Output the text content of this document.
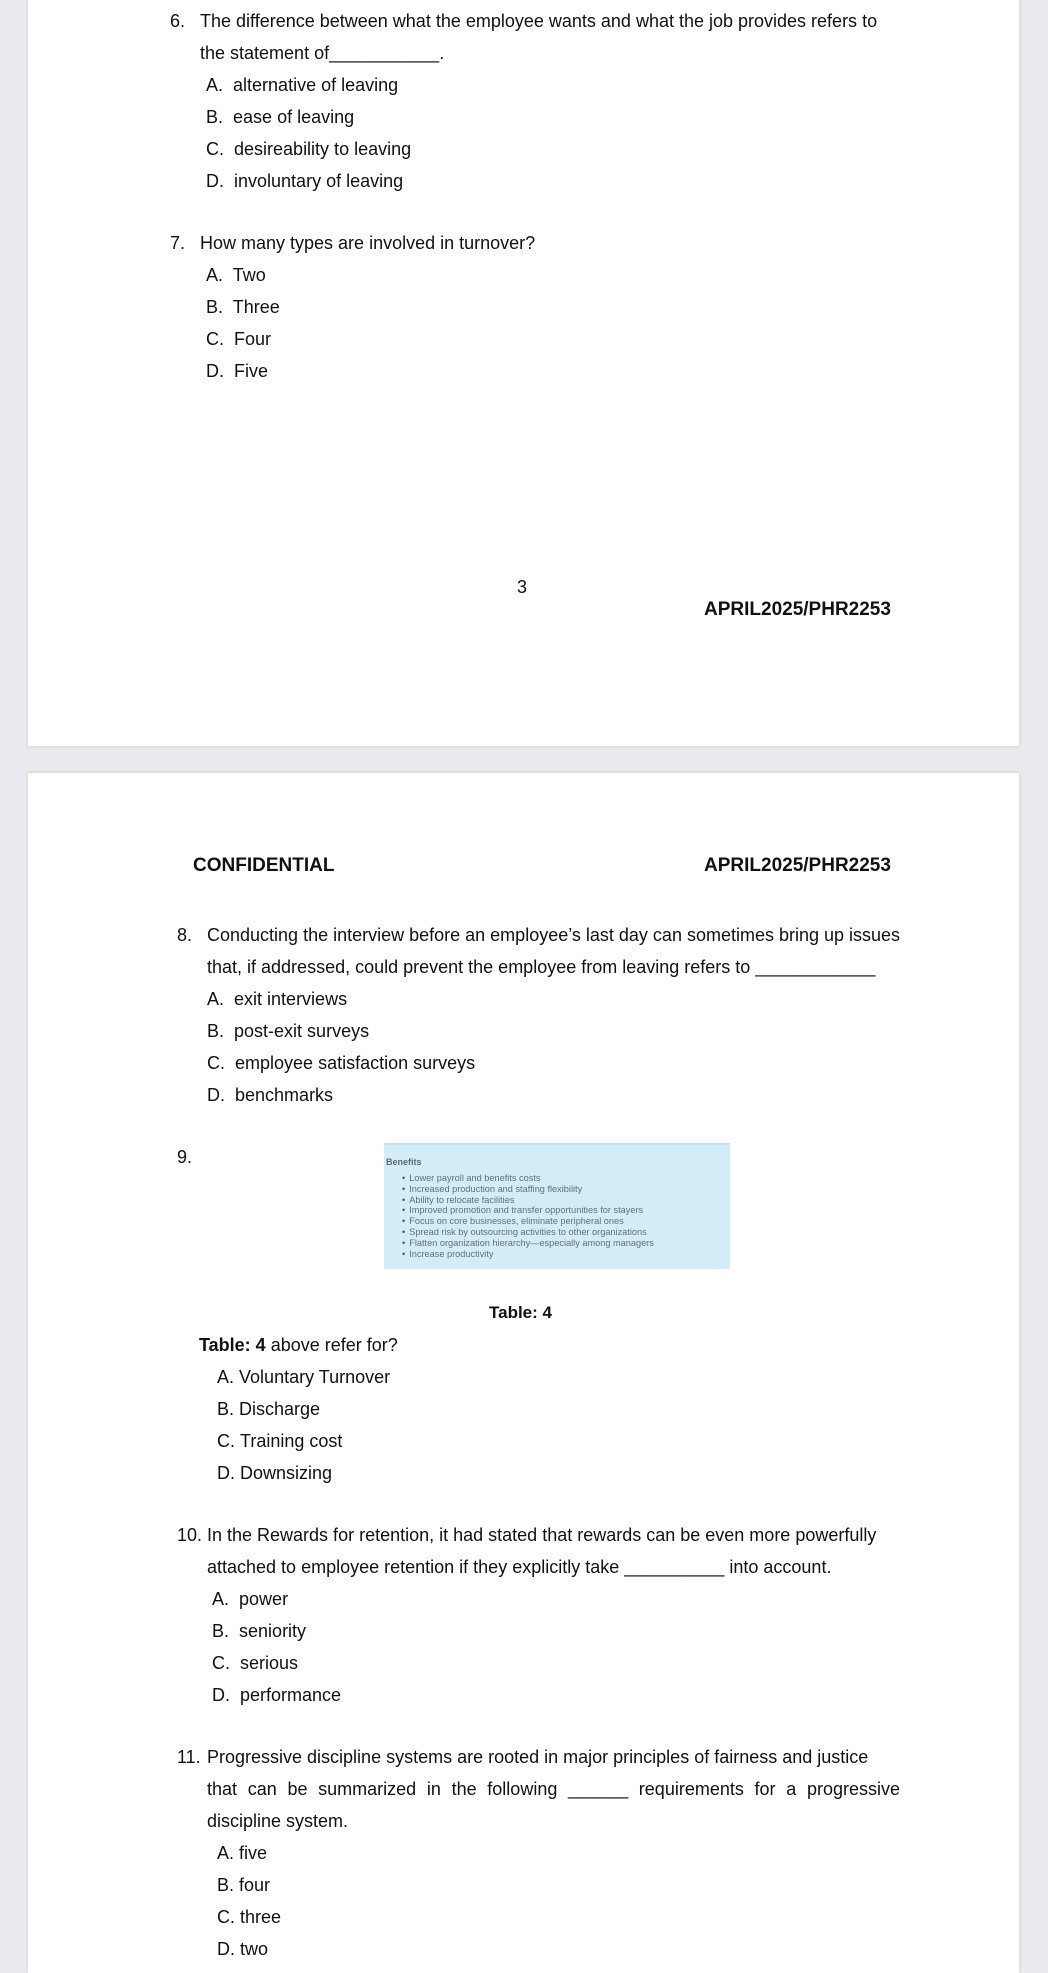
6. The difference between what the employee wants and what the job provides refers to
the statement of___________.
A. alternative of leaving
B. ease of leaving
C. desireability to leaving
D. involuntary of leaving
7. How many types are involved in turnover?
A. Two
B. Three
C. Four
D. Five
3
APRIL2025/PHR2253
CONFIDENTIAL	APRIL2025/PHR2253
8. Conducting the interview before an employee’s last day can sometimes bring up issues
that, if addressed, could prevent the employee from leaving refers to ____________
A. exit interviews
B. post-exit surveys
C. employee satisfaction surveys
D. benchmarks
9.	Benefits
• Lower payroll and benefits costs
• Increased production and staffing flexibility
• Ability to relocate facilities
• Improved promotion and transfer opportunities for stayers
• Focus on core businesses, eliminate peripheral ones
• Spread risk by outsourcing activities to other organizations
• Flatten organization hierarchy—especially among managers
• Increase productivity
Table: 4
Table: 4 above refer for?
A. Voluntary Turnover
B. Discharge
C. Training cost
D. Downsizing
10. In the Rewards for retention, it had stated that rewards can be even more powerfully
attached to employee retention if they explicitly take __________ into account.
A. power
B. seniority
C. serious
D. performance
11. Progressive discipline systems are rooted in major principles of fairness and justice
that can be summarized in the following ______ requirements for a progressive
discipline system.
A. five
B. four
C. three
D. two
